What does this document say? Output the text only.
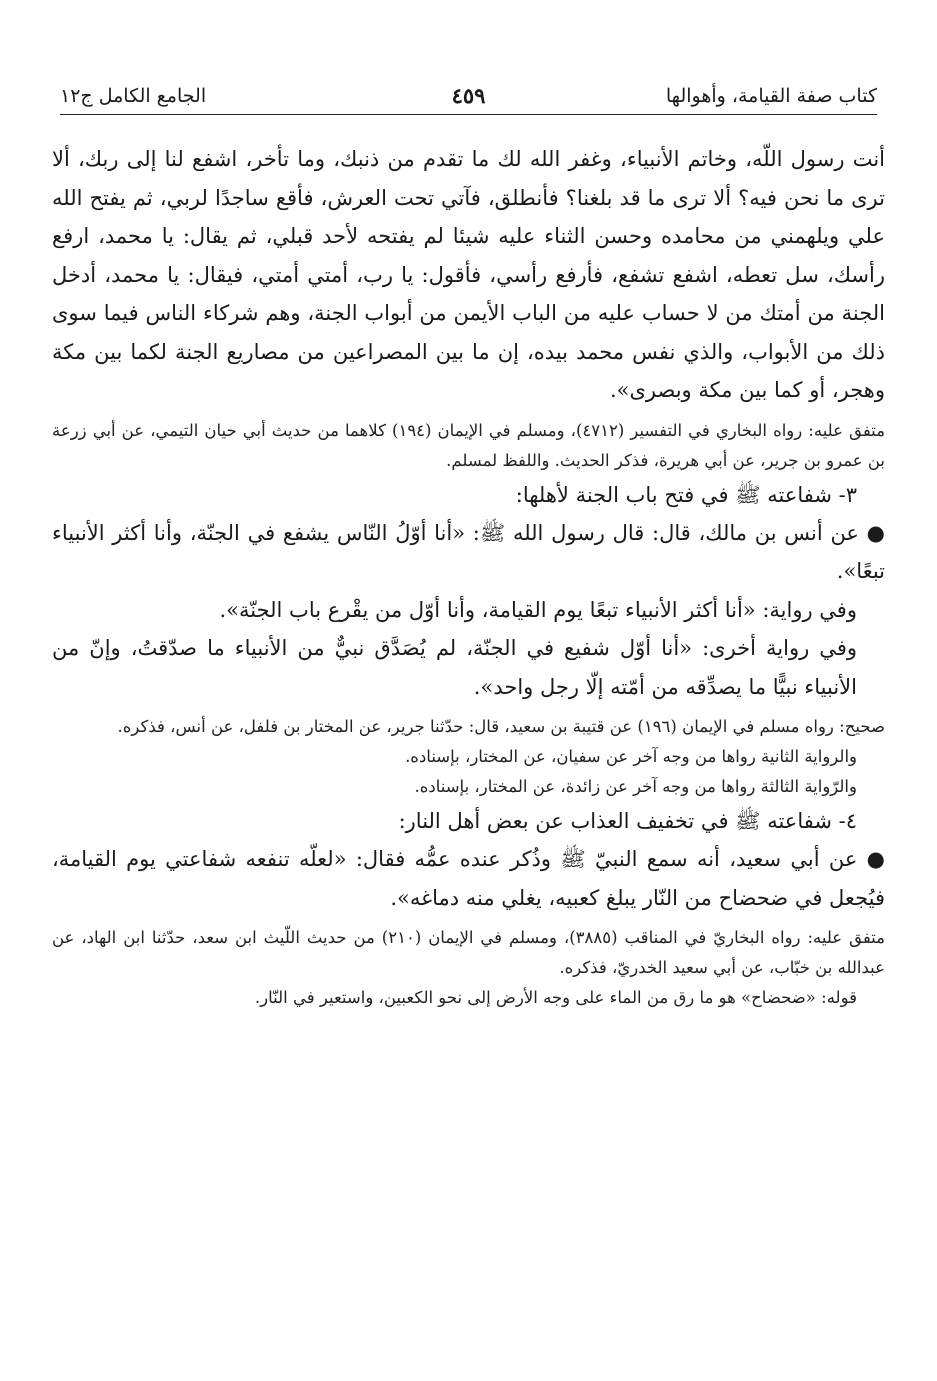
كتاب صفة القيامة، وأهوالها
٤٥٩
الجامع الكامل ج١٢

أنت رسول اللّه، وخاتم الأنبياء، وغفر الله لك ما تقدم من ذنبك، وما تأخر، اشفع لنا إلى ربك، ألا ترى ما نحن فيه؟ ألا ترى ما قد بلغنا؟ فأنطلق، فآتي تحت العرش، فأقع ساجدًا لربي، ثم يفتح الله علي ويلهمني من محامده وحسن الثناء عليه شيئا لم يفتحه لأحد قبلي، ثم يقال: يا محمد، ارفع رأسك، سل تعطه، اشفع تشفع، فأرفع رأسي، فأقول: يا رب، أمتي أمتي، فيقال: يا محمد، أدخل الجنة من أمتك من لا حساب عليه من الباب الأيمن من أبواب الجنة، وهم شركاء الناس فيما سوى ذلك من الأبواب، والذي نفس محمد بيده، إن ما بين المصراعين من مصاريع الجنة لكما بين مكة وهجر، أو كما بين مكة وبصرى».

متفق عليه: رواه البخاري في التفسير (٤٧١٢)، ومسلم في الإيمان (١٩٤) كلاهما من حديث أبي حيان التيمي، عن أبي زرعة بن عمرو بن جرير، عن أبي هريرة، فذكر الحديث. واللفظ لمسلم.

٣- شفاعته ﷺ في فتح باب الجنة لأهلها:

● عن أنس بن مالك، قال: قال رسول الله ﷺ: «أنا أوّلُ النّاس يشفع في الجنّة، وأنا أكثر الأنبياء تبعًا».

وفي رواية: «أنا أكثر الأنبياء تبعًا يوم القيامة، وأنا أوّل من يقْرع باب الجنّة».

وفي رواية أخرى: «أنا أوّل شفيع في الجنّة، لم يُصَدَّق نبيٌّ من الأنبياء ما صدّقتُ، وإنّ من الأنبياء نبيًّا ما يصدِّقه من أمّته إلّا رجل واحد».

صحيح: رواه مسلم في الإيمان (١٩٦) عن قتيبة بن سعيد، قال: حدّثنا جرير، عن المختار بن فلفل، عن أنس، فذكره.

والرواية الثانية رواها من وجه آخر عن سفيان، عن المختار، بإسناده.

والرّواية الثالثة رواها من وجه آخر عن زائدة، عن المختار، بإسناده.

٤- شفاعته ﷺ في تخفيف العذاب عن بعض أهل النار:

● عن أبي سعيد، أنه سمع النبيّ ﷺ وذُكر عنده عمُّه فقال: «لعلّه تنفعه شفاعتي يوم القيامة، فيُجعل في ضحضاح من النّار يبلغ كعبيه، يغلي منه دماغه».

متفق عليه: رواه البخاريّ في المناقب (٣٨٨٥)، ومسلم في الإيمان (٢١٠) من حديث اللّيث ابن سعد، حدّثنا ابن الهاد، عن عبدالله بن خبّاب، عن أبي سعيد الخدريّ، فذكره.

قوله: «ضحضاح» هو ما رق من الماء على وجه الأرض إلى نحو الكعبين، واستعير في النّار.
